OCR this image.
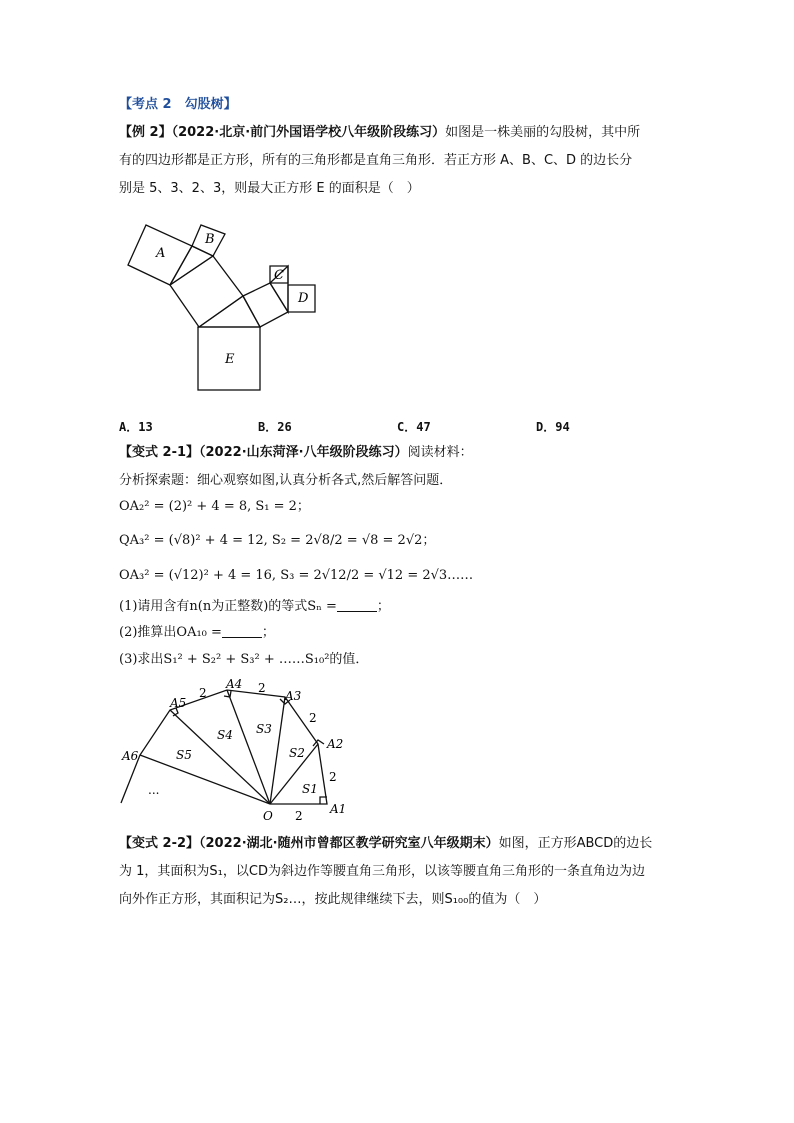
【考点 2　勾股树】
【例 2】（2022·北京·前门外国语学校八年级阶段练习）如图是一株美丽的勾股树，其中所
有的四边形都是正方形，所有的三角形都是直角三角形．若正方形 A、B、C、D 的边长分
别是 5、3、2、3，则最大正方形 E 的面积是（　）
A
B
C
D
E
A．13	B．26	C．47	D．94
【变式 2-1】（2022·山东菏泽·八年级阶段练习）阅读材料：
分析探索题：细心观察如图,认真分析各式,然后解答问题．
OA₂² = (2)² + 4 = 8, S₁ = 2；
QA₃² = (√8)² + 4 = 12, S₂ = 2√8/2 = √8 = 2√2；
OA₃² = (√12)² + 4 = 16, S₃ = 2√12/2 = √12 = 2√3……
(1)请用含有n(n为正整数)的等式Sₙ =	；
(2)推算出OA₁₀ =	；
(3)求出S₁² + S₂² + S₃² + ……S₁₀²的值．
A1
A2
A3
A4
A5
A6
O
S1
S2
S3
S4
S5
2
2
2
2
2
...
【变式 2-2】（2022·湖北·随州市曾都区教学研究室八年级期末）如图，正方形ABCD的边长
为 1，其面积为S₁，以CD为斜边作等腰直角三角形，以该等腰直角三角形的一条直角边为边
向外作正方形，其面积记为S₂…，按此规律继续下去，则S₁₀₀的值为（　）
